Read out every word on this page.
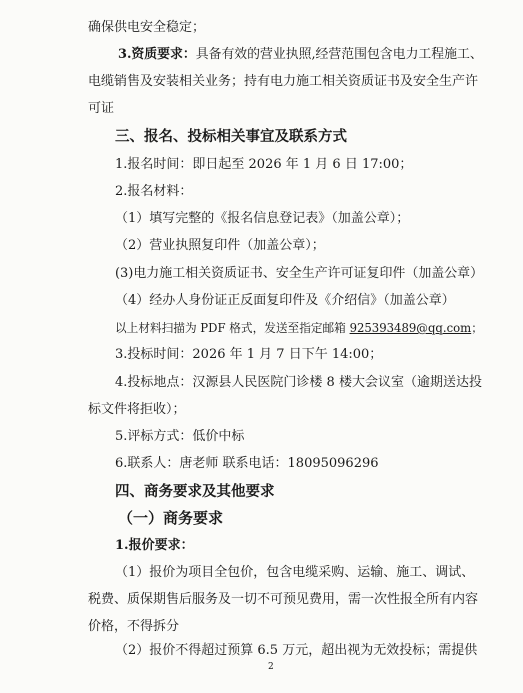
确保供电安全稳定；
3.资质要求：具备有效的营业执照,经营范围包含电力工程施工、
电缆销售及安装相关业务；持有电力施工相关资质证书及安全生产许
可证
三、报名、投标相关事宜及联系方式
1.报名时间：即日起至 2026 年 1 月 6 日 17:00；
2.报名材料：
（1）填写完整的《报名信息登记表》（加盖公章）；
（2）营业执照复印件（加盖公章）；
(3)电力施工相关资质证书、安全生产许可证复印件（加盖公章）
（4）经办人身份证正反面复印件及《介绍信》（加盖公章）
以上材料扫描为 PDF 格式，发送至指定邮箱 925393489@qq.com；
3.投标时间：2026 年 1 月 7 日下午 14:00；
4.投标地点：汉源县人民医院门诊楼 8 楼大会议室（逾期送达投
标文件将拒收）；
5.评标方式：低价中标
6.联系人：唐老师 联系电话：18095096296
四、商务要求及其他要求
（一）商务要求
1.报价要求：
（1）报价为项目全包价，包含电缆采购、运输、施工、调试、
税费、质保期售后服务及一切不可预见费用，需一次性报全所有内容
价格，不得拆分
（2）报价不得超过预算 6.5 万元，超出视为无效投标；需提供
2
